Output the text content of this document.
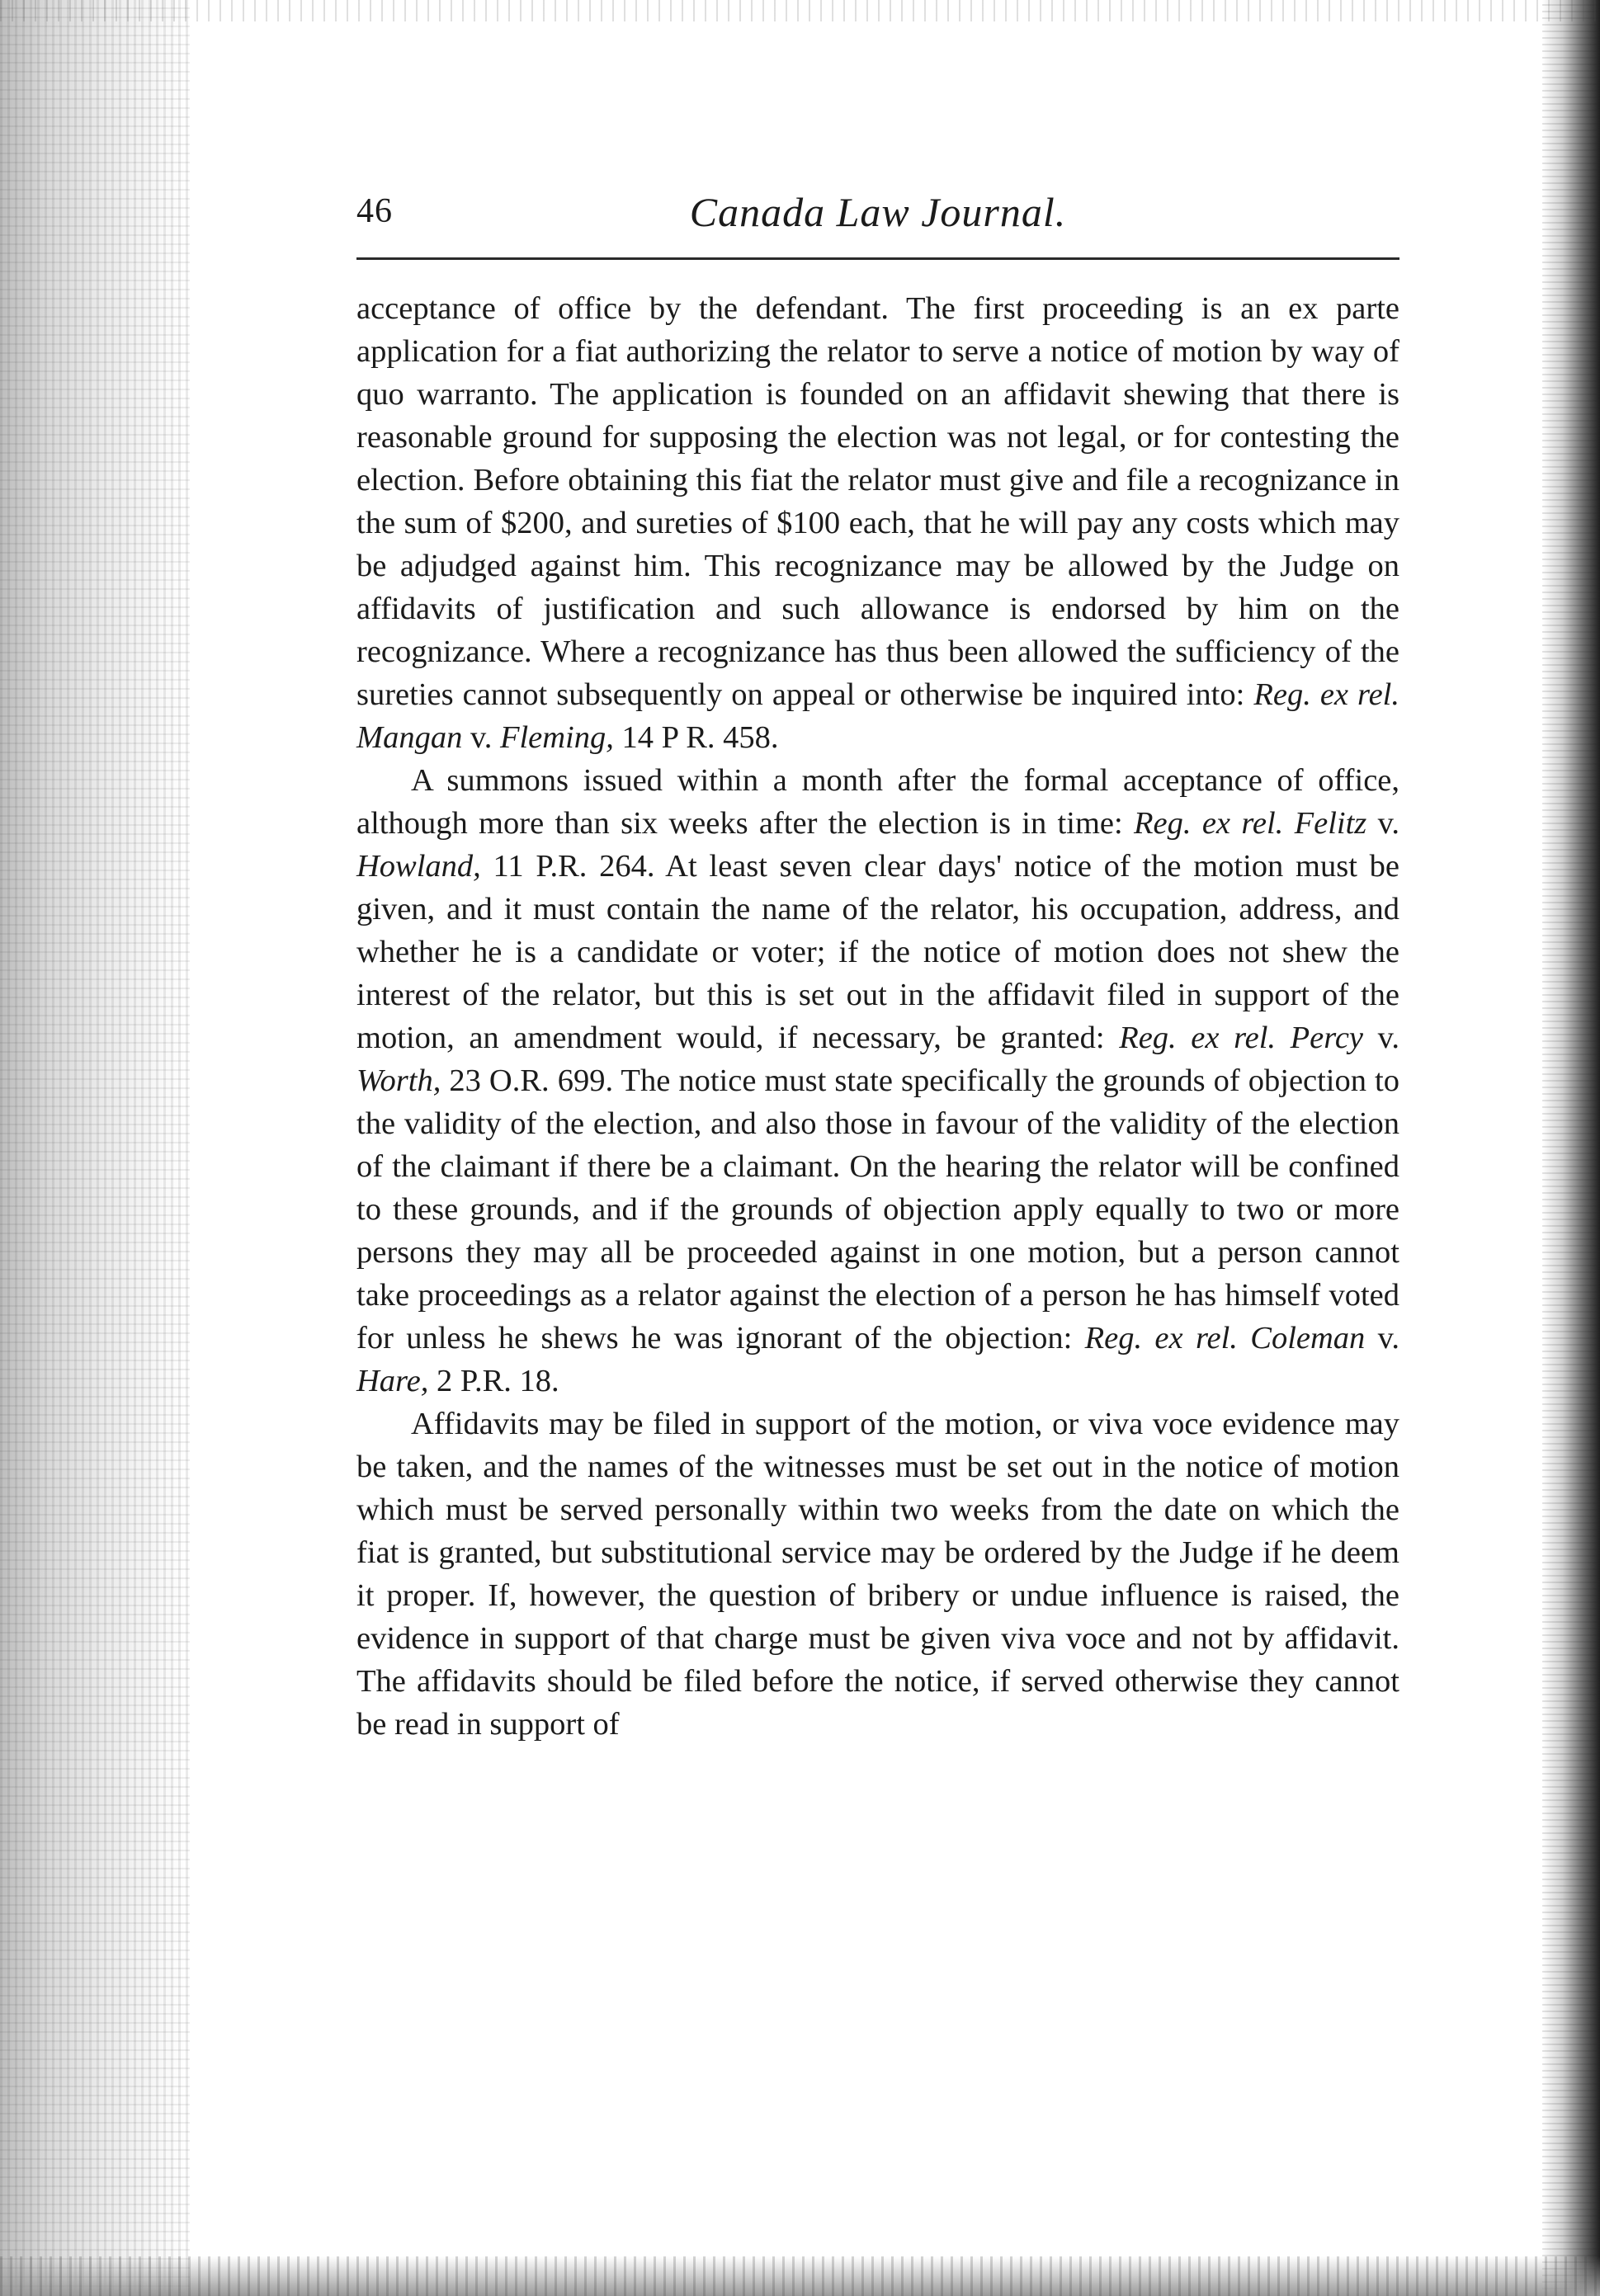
46	Canada Law Journal.

acceptance of office by the defendant. The first proceeding is an ex parte application for a fiat authorizing the relator to serve a notice of motion by way of quo warranto. The application is founded on an affidavit shewing that there is reasonable ground for supposing the election was not legal, or for contesting the election. Before obtaining this fiat the relator must give and file a recognizance in the sum of $200, and sureties of $100 each, that he will pay any costs which may be adjudged against him. This recognizance may be allowed by the Judge on affidavits of justification and such allowance is endorsed by him on the recognizance. Where a recognizance has thus been allowed the sufficiency of the sureties cannot subsequently on appeal or otherwise be inquired into: Reg. ex rel. Mangan v. Fleming, 14 P R. 458.

A summons issued within a month after the formal acceptance of office, although more than six weeks after the election is in time: Reg. ex rel. Felitz v. Howland, 11 P.R. 264. At least seven clear days' notice of the motion must be given, and it must contain the name of the relator, his occupation, address, and whether he is a candidate or voter; if the notice of motion does not shew the interest of the relator, but this is set out in the affidavit filed in support of the motion, an amendment would, if necessary, be granted: Reg. ex rel. Percy v. Worth, 23 O.R. 699. The notice must state specifically the grounds of objection to the validity of the election, and also those in favour of the validity of the election of the claimant if there be a claimant. On the hearing the relator will be confined to these grounds, and if the grounds of objection apply equally to two or more persons they may all be proceeded against in one motion, but a person cannot take proceedings as a relator against the election of a person he has himself voted for unless he shews he was ignorant of the objection: Reg. ex rel. Coleman v. Hare, 2 P.R. 18.

Affidavits may be filed in support of the motion, or viva voce evidence may be taken, and the names of the witnesses must be set out in the notice of motion which must be served personally within two weeks from the date on which the fiat is granted, but substitutional service may be ordered by the Judge if he deem it proper. If, however, the question of bribery or undue influence is raised, the evidence in support of that charge must be given viva voce and not by affidavit. The affidavits should be filed before the notice, if served otherwise they cannot be read in support of
